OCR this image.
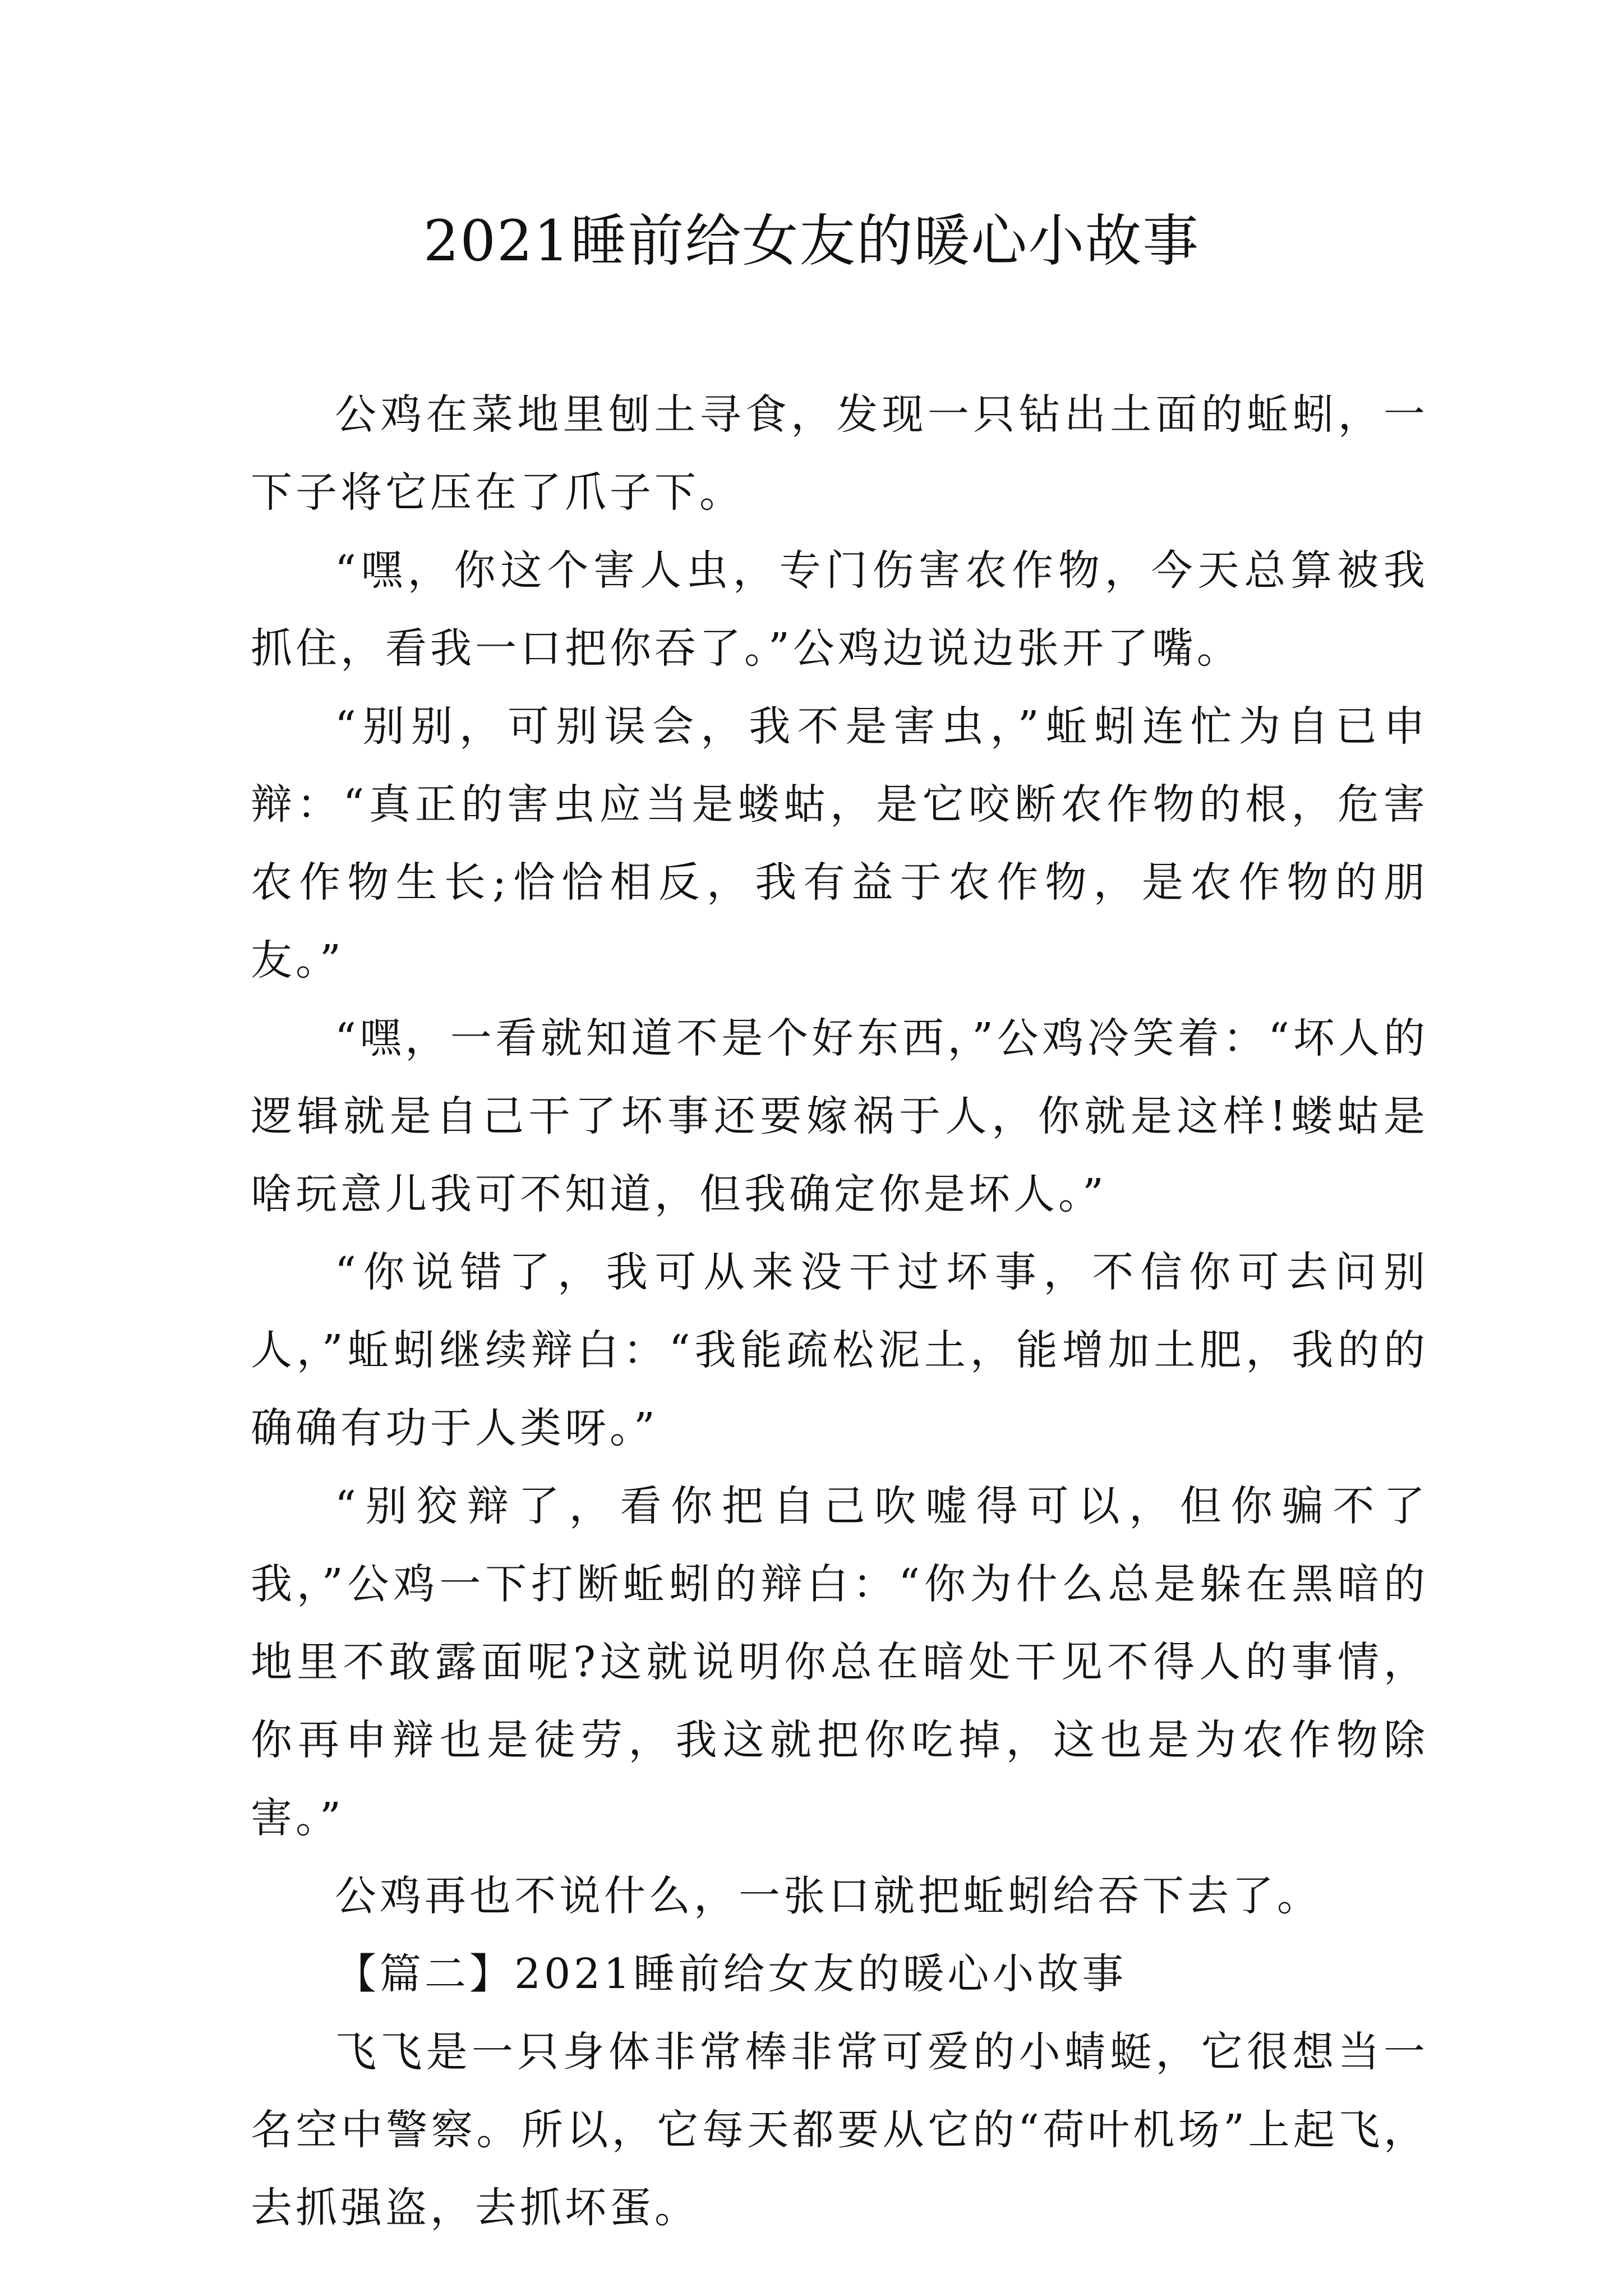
2021睡前给女友的暖心小故事

公鸡在菜地里刨土寻食，发现一只钻出土面的蚯蚓，一下子将它压在了爪子下。

“嘿，你这个害人虫，专门伤害农作物，今天总算被我抓住，看我一口把你吞了。”公鸡边说边张开了嘴。

“别别，可别误会，我不是害虫，”蚯蚓连忙为自已申辩：“真正的害虫应当是蝼蛄，是它咬断农作物的根，危害农作物生长;恰恰相反，我有益于农作物，是农作物的朋友。”

“嘿，一看就知道不是个好东西，”公鸡冷笑着：“坏人的逻辑就是自己干了坏事还要嫁祸于人，你就是这样!蝼蛄是啥玩意儿我可不知道，但我确定你是坏人。”

“你说错了，我可从来没干过坏事，不信你可去问别人，”蚯蚓继续辩白：“我能疏松泥土，能增加土肥，我的的确确有功于人类呀。”

“别狡辩了，看你把自己吹嘘得可以，但你骗不了我，”公鸡一下打断蚯蚓的辩白：“你为什么总是躲在黑暗的地里不敢露面呢?这就说明你总在暗处干见不得人的事情，你再申辩也是徒劳，我这就把你吃掉，这也是为农作物除害。”

公鸡再也不说什么，一张口就把蚯蚓给吞下去了。

【篇二】2021睡前给女友的暖心小故事

飞飞是一只身体非常棒非常可爱的小蜻蜓，它很想当一名空中警察。所以，它每天都要从它的“荷叶机场”上起飞，去抓强盗，去抓坏蛋。
